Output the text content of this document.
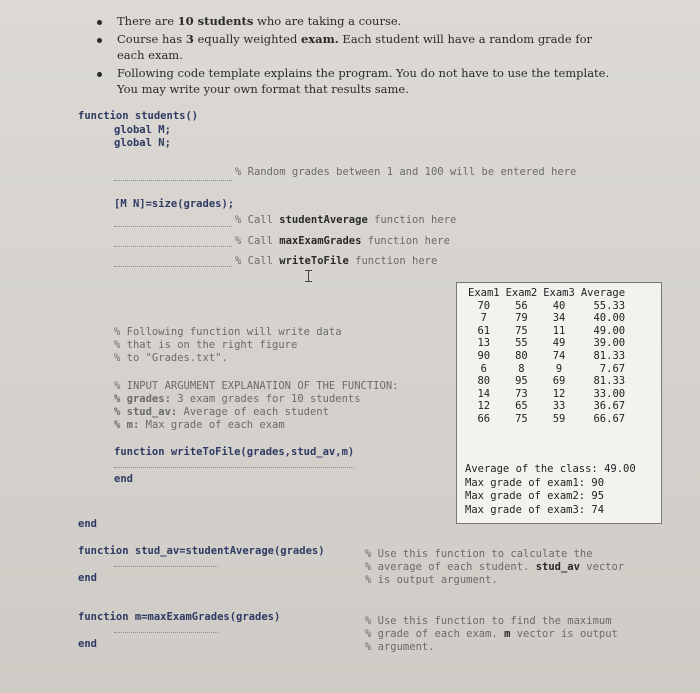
There are 10 students who are taking a course.
Course has 3 equally weighted exam. Each student will have a random grade for
each exam.
Following code template explains the program. You do not have to use the template.
You may write your own format that results same.
function students()
global M;
global N;
% Random grades between 1 and 100 will be entered here
[M N]=size(grades);
% Call studentAverage function here
% Call maxExamGrades function here
% Call writeToFile function here
% Following function will write data
% that is on the right figure
% to "Grades.txt".
% INPUT ARGUMENT EXPLANATION OF THE FUNCTION:
% grades: 3 exam grades for 10 students
% stud_av: Average of each student
% m: Max grade of each exam
function writeToFile(grades,stud_av,m)
end
end
function stud_av=studentAverage(grades)
end
% Use this function to calculate the
% average of each student. stud_av vector
% is output argument.
function m=maxExamGrades(grades)
end
% Use this function to find the maximum
% grade of each exam. m vector is output
% argument.
Exam1	Exam2	Exam3	Average
70	56	40	55.33
7	79	34	40.00
61	75	11	49.00
13	55	49	39.00
90	80	74	81.33
6	8	9	7.67
80	95	69	81.33
14	73	12	33.00
12	65	33	36.67
66	75	59	66.67
Average of the class: 49.00
Max grade of exam1: 90
Max grade of exam2: 95
Max grade of exam3: 74
